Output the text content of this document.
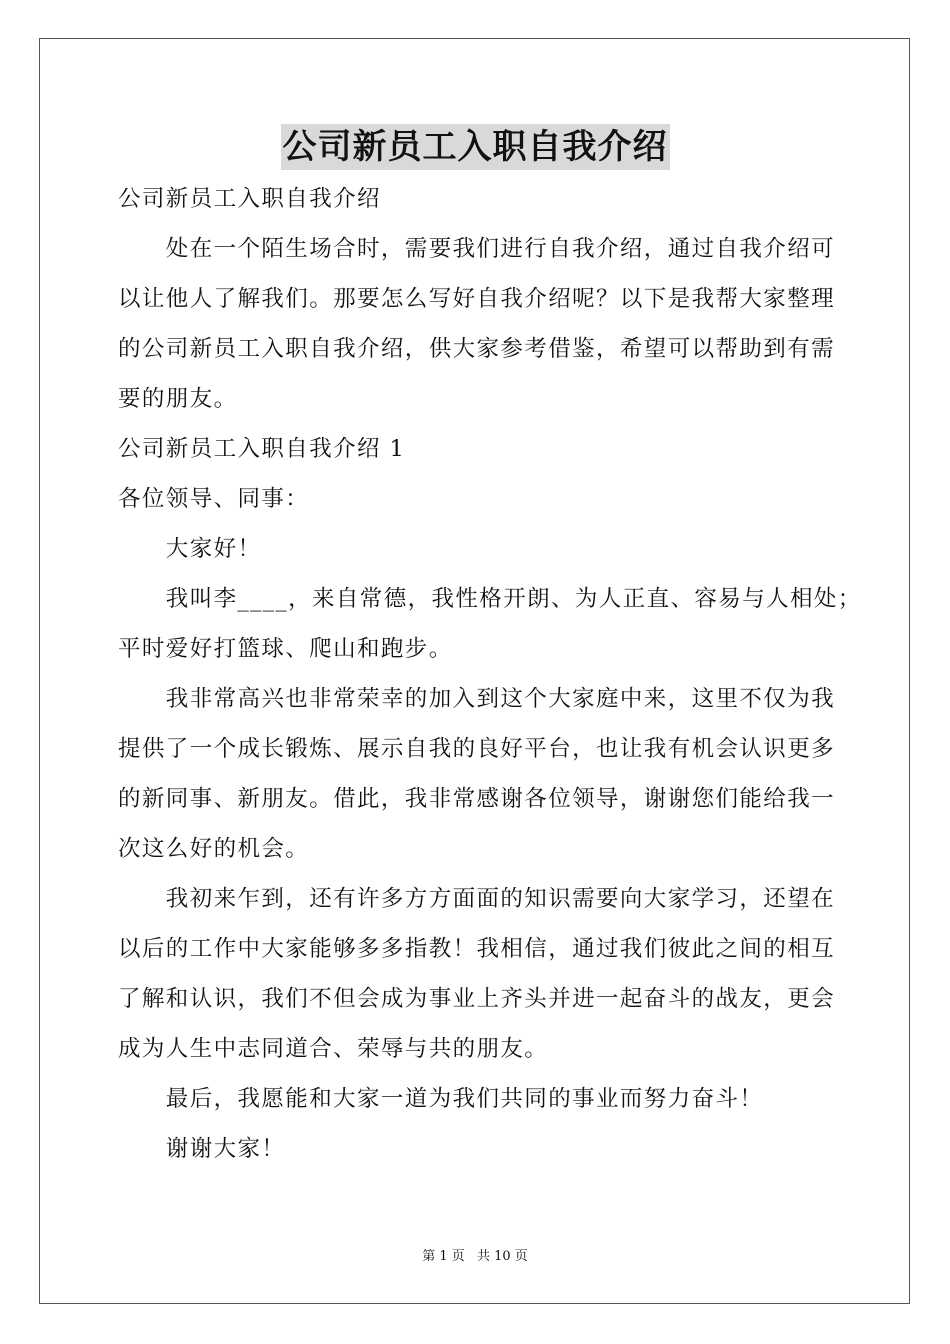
公司新员工入职自我介绍
公司新员工入职自我介绍
　　处在一个陌生场合时，需要我们进行自我介绍，通过自我介绍可
以让他人了解我们。那要怎么写好自我介绍呢？以下是我帮大家整理
的公司新员工入职自我介绍，供大家参考借鉴，希望可以帮助到有需
要的朋友。
公司新员工入职自我介绍 1
各位领导、同事：
　　大家好！
　　我叫李____，来自常德，我性格开朗、为人正直、容易与人相处；
平时爱好打篮球、爬山和跑步。
　　我非常高兴也非常荣幸的加入到这个大家庭中来，这里不仅为我
提供了一个成长锻炼、展示自我的良好平台，也让我有机会认识更多
的新同事、新朋友。借此，我非常感谢各位领导，谢谢您们能给我一
次这么好的机会。
　　我初来乍到，还有许多方方面面的知识需要向大家学习，还望在
以后的工作中大家能够多多指教！我相信，通过我们彼此之间的相互
了解和认识，我们不但会成为事业上齐头并进一起奋斗的战友，更会
成为人生中志同道合、荣辱与共的朋友。
　　最后，我愿能和大家一道为我们共同的事业而努力奋斗！
　　谢谢大家！
第 1 页 共 10 页
